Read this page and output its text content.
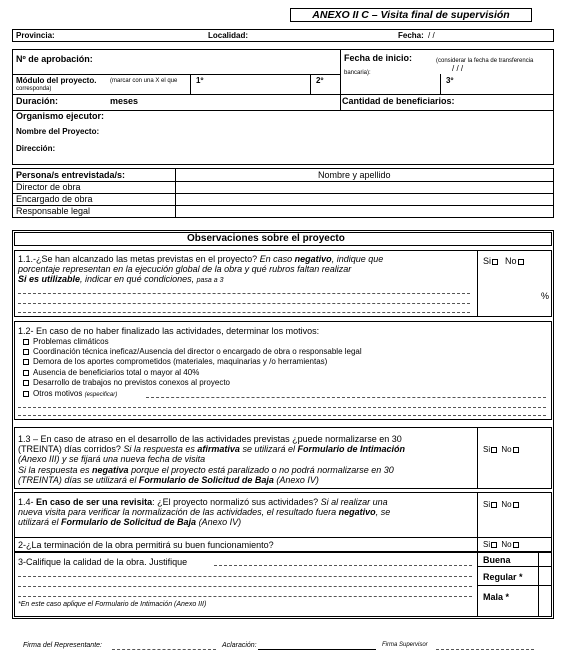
ANEXO II C – Visita final de supervisión
Provincia:	Localidad:	Fecha: / /
Nº de aprobación:	Fecha de inicio:	(considerar la fecha de transferencia bancaria):	/ / /
Módulo del proyecto.	(marcar con una X el que corresponda)
1º	2º	3º
Duración:	meses	Cantidad de beneficiarios:
Organismo ejecutor:
Nombre del Proyecto:
Dirección:
Persona/s entrevistada/s:	Nombre y apellido
Director de obra
Encargado de obra
Responsable legal
Observaciones sobre el proyecto
1.1.-¿Se han alcanzado las metas previstas en el proyecto? En caso negativo, indique que
porcentaje representan en la ejecución global de la obra y qué rubros faltan realizar
Si es utilizable, indicar en qué condiciones, pasa a 3
Si No
%
1.2- En caso de no haber finalizado las actividades, determinar los motivos:
Problemas climáticos
Coordinación técnica ineficaz/Ausencia del director o encargado de obra o responsable legal
Demora de los aportes comprometidos (materiales, maquinarias y /o herramientas)
Ausencia de beneficiarios total o mayor al 40%
Desarrollo de trabajos no previstos conexos al proyecto
Otros motivos (especificar)
1.3 – En caso de atraso en el desarrollo de las actividades previstas ¿puede normalizarse en 30
(TREINTA) días corridos? Si la respuesta es afirmativa se utilizará el Formulario de Intimación
(Anexo III) y se fijará una nueva fecha de visita
Si la respuesta es negativa porque el proyecto está paralizado o no podrá normalizarse en 30
(TREINTA) días se utilizará el Formulario de Solicitud de Baja (Anexo IV)
Si No
1.4- En caso de ser una revisita: ¿El proyecto normalizó sus actividades? Si al realizar una
nueva visita para verificar la normalización de las actividades, el resultado fuera negativo, se
utilizará el Formulario de Solicitud de Baja (Anexo IV)
Si No
2-¿La terminación de la obra permitirá su buen funcionamiento?	Si No
3-Califique la calidad de la obra. Justifique
*En este caso aplique el Formulario de Intimación (Anexo III)
Buena
Regular *
Mala *
Firma del Representante:	Aclaración:	Firma Supervisor
